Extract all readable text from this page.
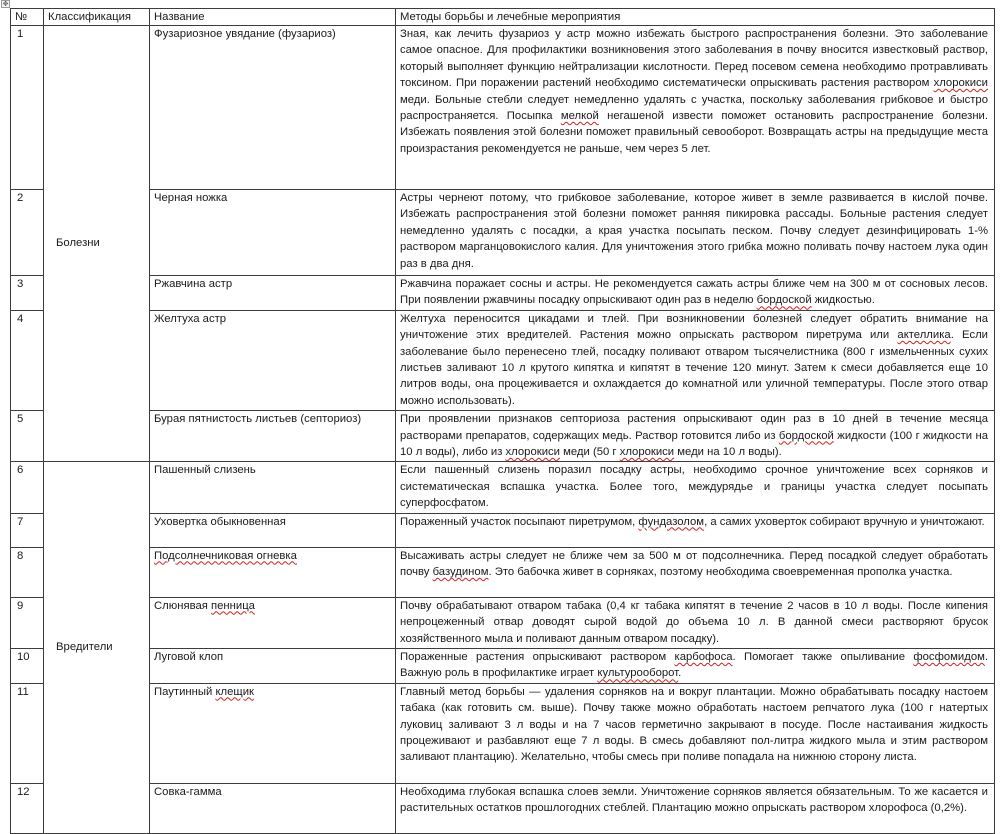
✥
№	Классификация	Название	Методы борьбы и лечебные мероприятия
1	Болезни	Фузариозное увядание (фузариоз)	Зная, как лечить фузариоз у астр можно избежать быстрого распространения болезни. Это заболевание самое опасное. Для профилактики возникновения этого заболевания в почву вносится известковый раствор, который выполняет функцию нейтрализации кислотности. Перед посевом семена необходимо протравливать токсином. При поражении растений необходимо систематически опрыскивать растения раствором хлорокиси меди. Больные стебли следует немедленно удалять с участка, поскольку заболевания грибковое и быстро распространяется. Посыпка мелкой негашеной извести поможет остановить распространение болезни. Избежать появления этой болезни поможет правильный севооборот. Возвращать астры на предыдущие места произрастания рекомендуется не раньше, чем через 5 лет.
2		Черная ножка	Астры чернеют потому, что грибковое заболевание, которое живет в земле развивается в кислой почве. Избежать распространения этой болезни поможет ранняя пикировка рассады. Больные растения следует немедленно удалять с посадки, а края участка посыпать песком. Почву следует дезинфицировать 1-% раствором марганцовокислого калия. Для уничтожения этого грибка можно поливать почву настоем лука один раз в два дня.
3		Ржавчина астр	Ржавчина поражает сосны и астры. Не рекомендуется сажать астры ближе чем на 300 м от сосновых лесов. При появлении ржавчины посадку опрыскивают один раз в неделю бордоской жидкостью.
4		Желтуха астр	Желтуха переносится цикадами и тлей. При возникновении болезней следует обратить внимание на уничтожение этих вредителей. Растения можно опрыскать раствором пиретрума или актеллика. Если заболевание было перенесено тлей, посадку поливают отваром тысячелистника (800 г измельченных сухих листьев заливают 10 л крутого кипятка и кипятят в течение 120 минут. Затем к смеси добавляется еще 10 литров воды, она процеживается и охлаждается до комнатной или уличной температуры. После этого отвар можно использовать).
5		Бурая пятнистость листьев (септориоз)	При проявлении признаков септориоза растения опрыскивают один раз в 10 дней в течение месяца растворами препаратов, содержащих медь. Раствор готовится либо из бордоской жидкости (100 г жидкости на 10 л воды), либо из хлорокиси меди (50 г хлорокиси меди на 10 л воды).
6	Вредители	Пашенный слизень	Если пашенный слизень поразил посадку астры, необходимо срочное уничтожение всех сорняков и систематическая вспашка участка. Более того, междурядье и границы участка следует посыпать суперфосфатом.
7		Уховертка обыкновенная	Пораженный участок посыпают пиретрумом, фундазолом, а самих уховерток собирают вручную и уничтожают.
8		Подсолнечниковая огневка	Высаживать астры следует не ближе чем за 500 м от подсолнечника. Перед посадкой следует обработать почву базудином. Это бабочка живет в сорняках, поэтому необходима своевременная прополка участка.
9		Слюнявая пенница	Почву обрабатывают отваром табака (0,4 кг табака кипятят в течение 2 часов в 10 л воды. После кипения непроцеженный отвар доводят сырой водой до объема 10 л. В данной смеси растворяют брусок хозяйственного мыла и поливают данным отваром посадку).
10		Луговой клоп	Пораженные растения опрыскивают раствором карбофоса. Помогает также опыливание фосфомидом. Важную роль в профилактике играет культурооборот.
11		Паутинный клещик	Главный метод борьбы — удаления сорняков на и вокруг плантации. Можно обрабатывать посадку настоем табака (как готовить см. выше). Почву также можно обработать настоем репчатого лука (100 г натертых луковиц заливают 3 л воды и на 7 часов герметично закрывают в посуде. После настаивания жидкость процеживают и разбавляют еще 7 л воды. В смесь добавляют пол-литра жидкого мыла и этим раствором заливают плантацию). Желательно, чтобы смесь при поливе попадала на нижнюю сторону листа.
12		Совка-гамма	Необходима глубокая вспашка слоев земли. Уничтожение сорняков является обязательным. То же касается и растительных остатков прошлогодних стеблей. Плантацию можно опрыскать раствором хлорофоса (0,2%).
